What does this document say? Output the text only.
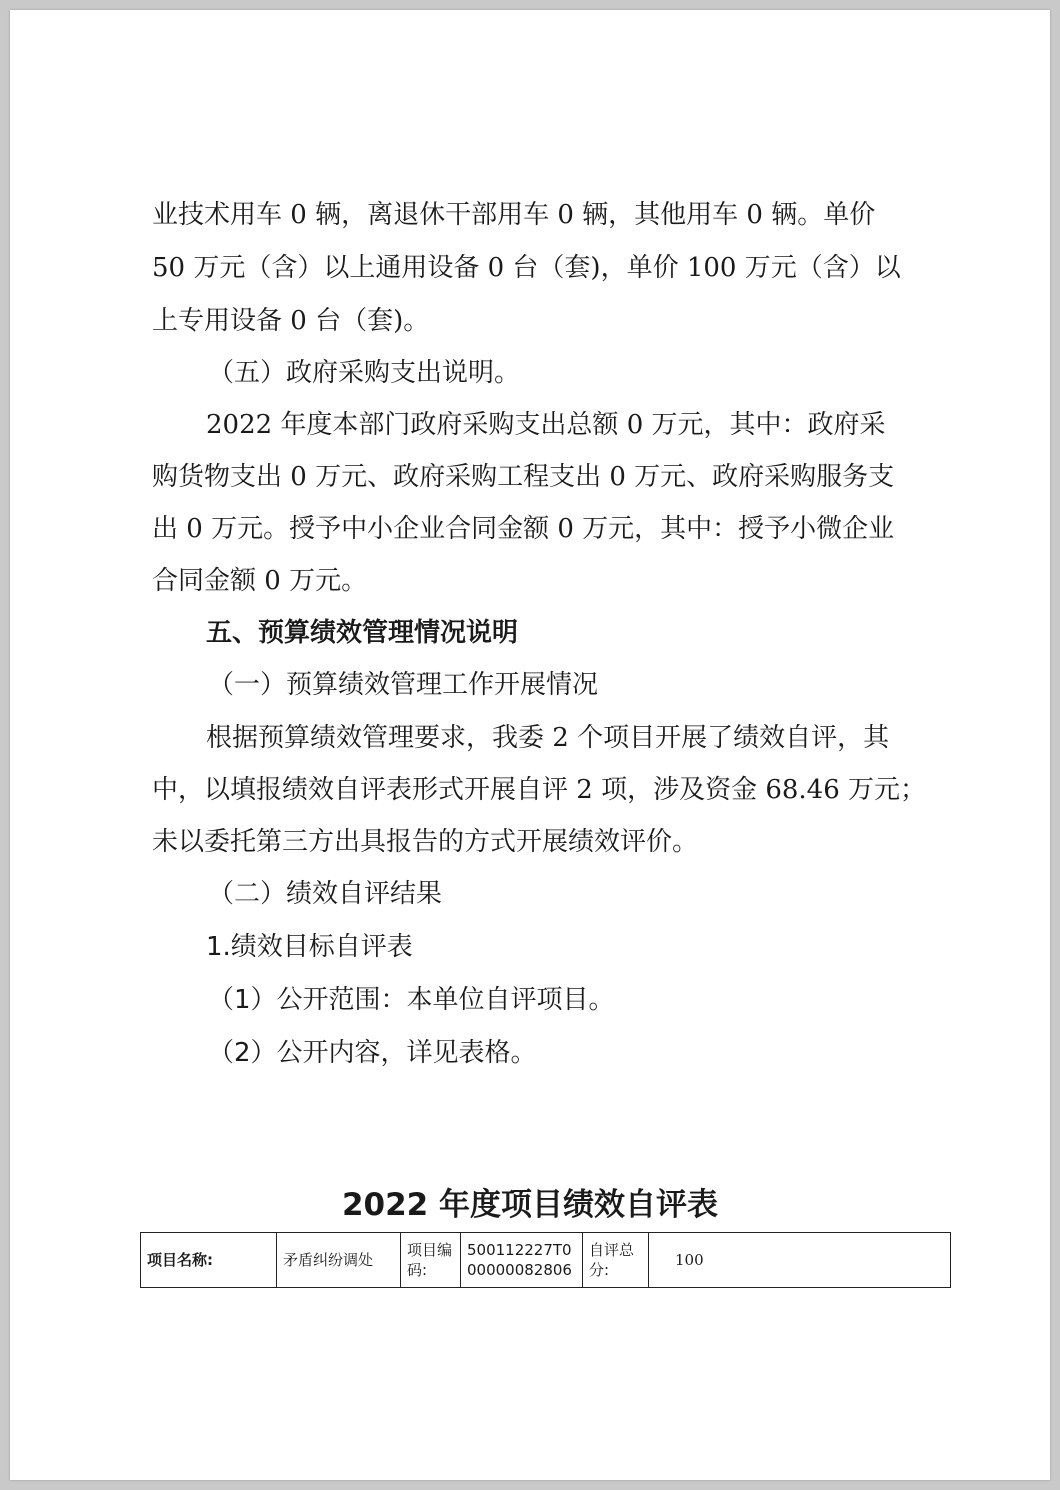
业技术用车 0 辆，离退休干部用车 0 辆，其他用车 0 辆。单价
50 万元（含）以上通用设备 0 台（套)，单价 100 万元（含）以
上专用设备 0 台（套)。
（五）政府采购支出说明。
2022 年度本部门政府采购支出总额 0 万元，其中：政府采
购货物支出 0 万元、政府采购工程支出 0 万元、政府采购服务支
出 0 万元。授予中小企业合同金额 0 万元，其中：授予小微企业
合同金额 0 万元。
五、预算绩效管理情况说明
（一）预算绩效管理工作开展情况
根据预算绩效管理要求，我委 2 个项目开展了绩效自评，其
中，以填报绩效自评表形式开展自评 2 项，涉及资金 68.46 万元；
未以委托第三方出具报告的方式开展绩效评价。
（二）绩效自评结果
1.绩效目标自评表
（1）公开范围：本单位自评项目。
（2）公开内容，详见表格。
2022 年度项目绩效自评表
项目名称:	矛盾纠纷调处	项目编码:	500112227T000000082806	自评总分:	100
